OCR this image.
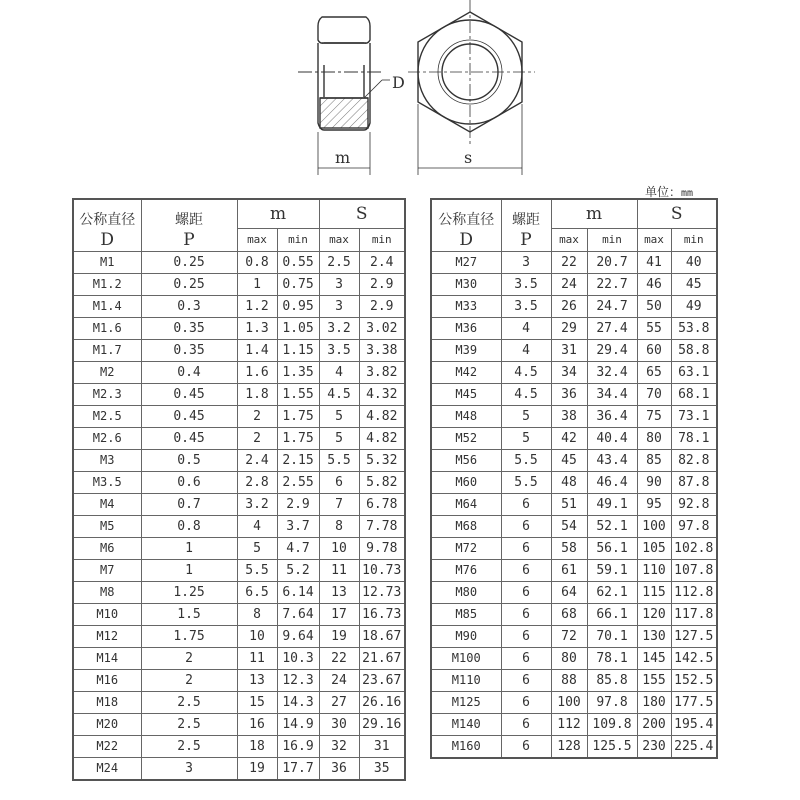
D
m	s
单位：mm
公称直径	螺距	m		S	
D	P	max	min	max	min
M1	0.25	0.8	0.55	2.5	2.4
M1.2	0.25	1	0.75	3	2.9
M1.4	0.3	1.2	0.95	3	2.9
M1.6	0.35	1.3	1.05	3.2	3.02
M1.7	0.35	1.4	1.15	3.5	3.38
M2	0.4	1.6	1.35	4	3.82
M2.3	0.45	1.8	1.55	4.5	4.32
M2.5	0.45	2	1.75	5	4.82
M2.6	0.45	2	1.75	5	4.82
M3	0.5	2.4	2.15	5.5	5.32
M3.5	0.6	2.8	2.55	6	5.82
M4	0.7	3.2	2.9	7	6.78
M5	0.8	4	3.7	8	7.78
M6	1	5	4.7	10	9.78
M7	1	5.5	5.2	11	10.73
M8	1.25	6.5	6.14	13	12.73
M10	1.5	8	7.64	17	16.73
M12	1.75	10	9.64	19	18.67
M14	2	11	10.3	22	21.67
M16	2	13	12.3	24	23.67
M18	2.5	15	14.3	27	26.16
M20	2.5	16	14.9	30	29.16
M22	2.5	18	16.9	32	31
M24	3	19	17.7	36	35
公称直径	螺距	m		S	
D	P	max	min	max	min
M27	3	22	20.7	41	40
M30	3.5	24	22.7	46	45
M33	3.5	26	24.7	50	49
M36	4	29	27.4	55	53.8
M39	4	31	29.4	60	58.8
M42	4.5	34	32.4	65	63.1
M45	4.5	36	34.4	70	68.1
M48	5	38	36.4	75	73.1
M52	5	42	40.4	80	78.1
M56	5.5	45	43.4	85	82.8
M60	5.5	48	46.4	90	87.8
M64	6	51	49.1	95	92.8
M68	6	54	52.1	100	97.8
M72	6	58	56.1	105	102.8
M76	6	61	59.1	110	107.8
M80	6	64	62.1	115	112.8
M85	6	68	66.1	120	117.8
M90	6	72	70.1	130	127.5
M100	6	80	78.1	145	142.5
M110	6	88	85.8	155	152.5
M125	6	100	97.8	180	177.5
M140	6	112	109.8	200	195.4
M160	6	128	125.5	230	225.4
